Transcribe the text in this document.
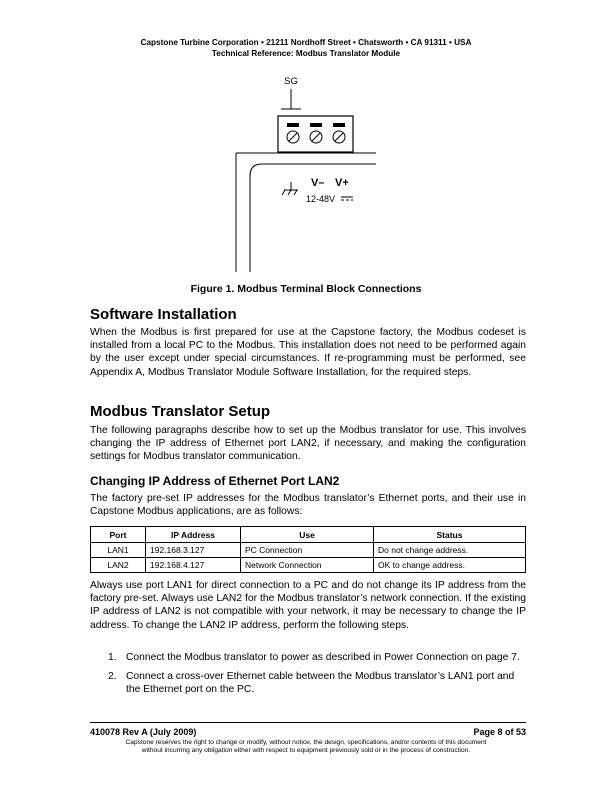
Capstone Turbine Corporation • 21211 Nordhoff Street • Chatsworth • CA 91311 • USA
Technical Reference: Modbus Translator Module
SG
V– V+
12-48V
Figure 1. Modbus Terminal Block Connections
Software Installation

When the Modbus is first prepared for use at the Capstone factory, the Modbus codeset is installed from a local PC to the Modbus. This installation does not need to be performed again by the user except under special circumstances. If re-programming must be performed, see Appendix A, Modbus Translator Module Software Installation, for the required steps.

Modbus Translator Setup

The following paragraphs describe how to set up the Modbus translator for use. This involves changing the IP address of Ethernet port LAN2, if necessary, and making the configuration settings for Modbus translator communication.

Changing IP Address of Ethernet Port LAN2

The factory pre-set IP addresses for the Modbus translator’s Ethernet ports, and their use in Capstone Modbus applications, are as follows:

Port	IP Address	Use	Status
LAN1	192.168.3.127	PC Connection	Do not change address.
LAN2	192.168.4.127	Network Connection	OK to change address.

Always use port LAN1 for direct connection to a PC and do not change its IP address from the factory pre-set. Always use LAN2 for the Modbus translator’s network connection. If the existing IP address of LAN2 is not compatible with your network, it may be necessary to change the IP address. To change the LAN2 IP address, perform the following steps.

1. Connect the Modbus translator to power as described in Power Connection on page 7.
2. Connect a cross-over Ethernet cable between the Modbus translator’s LAN1 port and the Ethernet port on the PC.
410078 Rev A (July 2009)	Page 8 of 53
Capstone reserves the right to change or modify, without notice, the design, specifications, and/or contents of this document
without incurring any obligation either with respect to equipment previously sold or in the process of construction.
